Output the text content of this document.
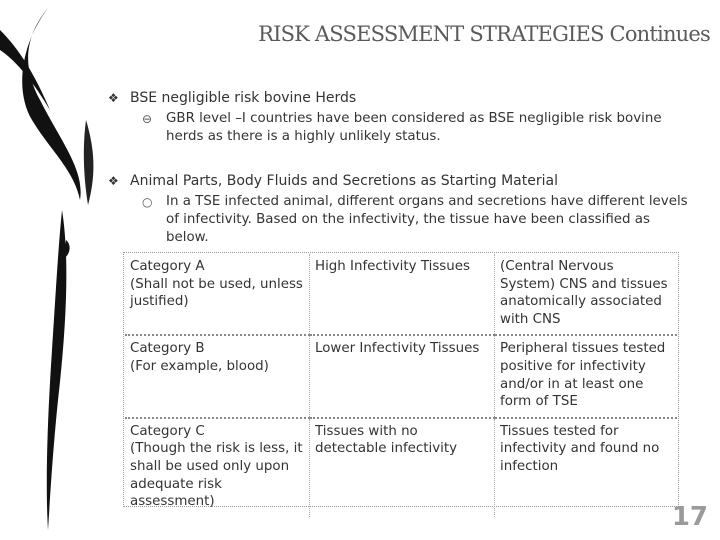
RISK ASSESSMENT STRATEGIES Continues
❖ BSE negligible risk bovine Herds
⊖ GBR level –I countries have been considered as BSE negligible risk bovine herds as there is a highly unlikely status.
❖ Animal Parts, Body Fluids and Secretions as Starting Material
○ In a TSE infected animal, different organs and secretions have different levels of infectivity. Based on the infectivity, the tissue have been classified as below.
Category A
(Shall not be used, unless justified)	High Infectivity Tissues	(Central Nervous System) CNS and tissues anatomically associated with CNS
Category B
(For example, blood)	Lower Infectivity Tissues	Peripheral tissues tested positive for infectivity and/or in at least one form of TSE
Category C
(Though the risk is less, it shall be used only upon adequate risk assessment)	Tissues with no detectable infectivity	Tissues tested for infectivity and found no infection
17
